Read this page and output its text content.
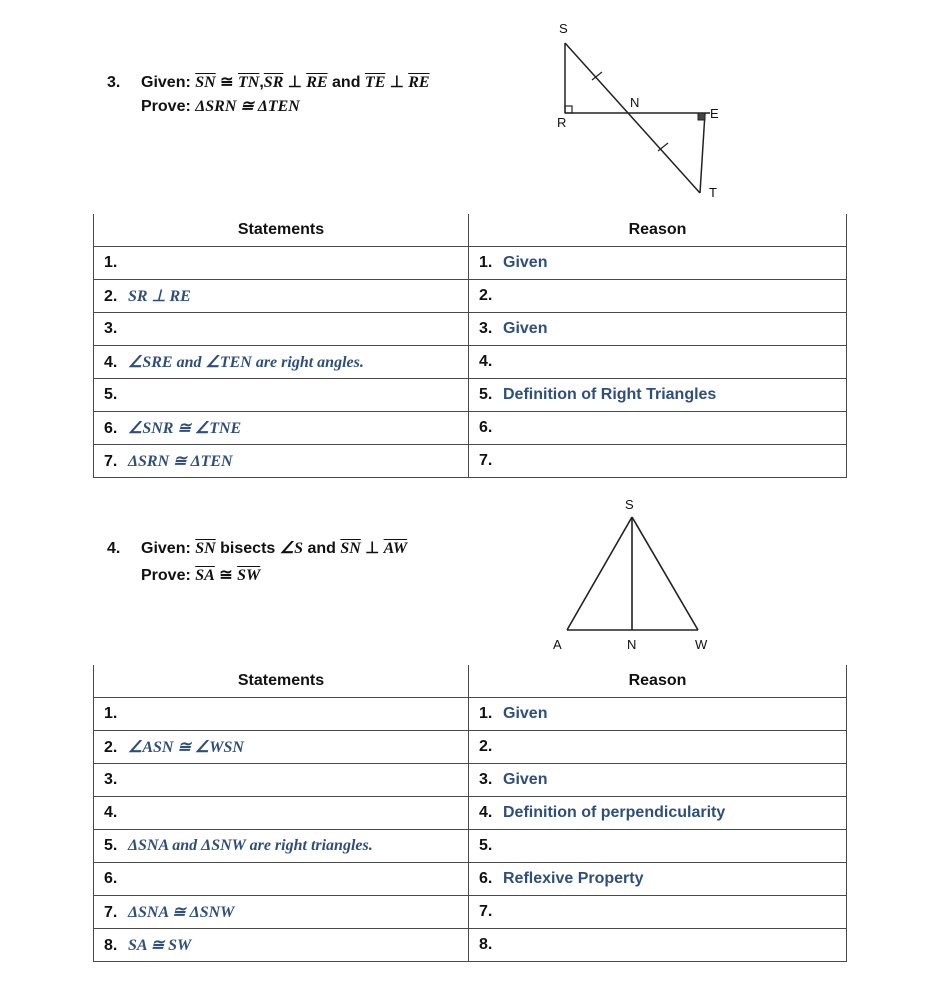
3. Given: $\overline{SN}$ ≅ $\overline{TN},\overline{SR}$ ⊥ $\overline{RE}$ and $\overline{TE}$ ⊥ $\overline{RE}$
Prove: ΔSRN ≅ ΔTEN
S
R
N
E
T
Statements	Reason
1.	1. Given
2. SR ⊥ RE	2.
3.	3. Given
4. ∠SRE and ∠TEN are right angles.	4.
5.	5. Definition of Right Triangles
6. ∠SNR ≅ ∠TNE	6.
7. ΔSRN ≅ ΔTEN	7.
4. Given: $\overline{SN}$ bisects ∠S and $\overline{SN}$ ⊥ $\overline{AW}$
Prove: $\overline{SA}$ ≅ $\overline{SW}$
S
A	N	W
Statements	Reason
1.	1. Given
2. ∠ASN ≅ ∠WSN	2.
3.	3. Given
4.	4. Definition of perpendicularity
5. ΔSNA and ΔSNW are right triangles.	5.
6.	6. Reflexive Property
7. ΔSNA ≅ ΔSNW	7.
8. SA ≅ SW	8.
